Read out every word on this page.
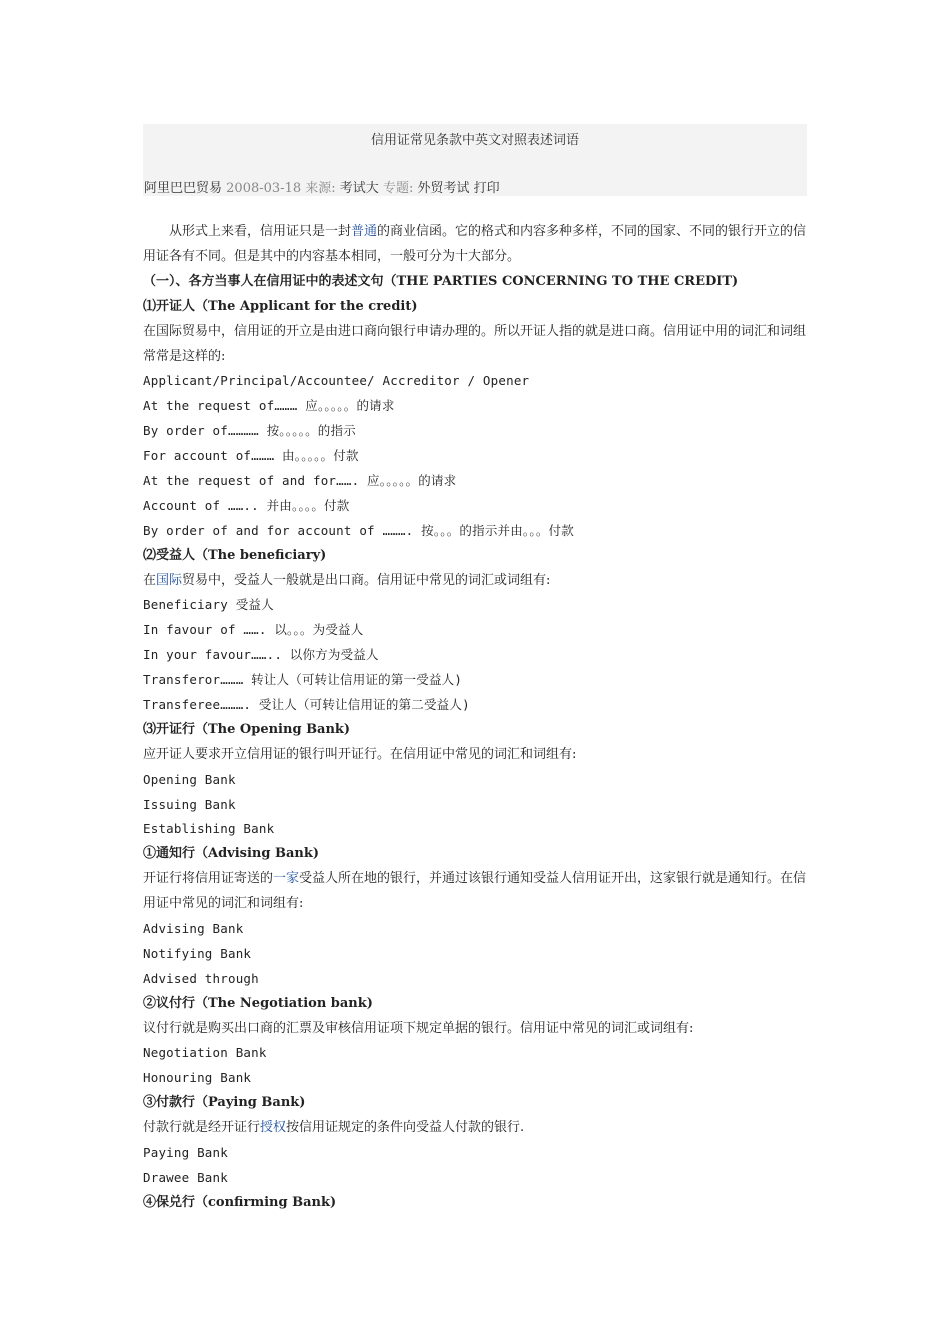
信用证常见条款中英文对照表述词语
阿里巴巴贸易 2008-03-18 来源: 考试大 专题: 外贸考试 打印
从形式上来看，信用证只是一封普通的商业信函。它的格式和内容多种多样，不同的国家、不同的银行开立的信用证各有不同。但是其中的内容基本相同，一般可分为十大部分。
（一）、各方当事人在信用证中的表述文句（THE PARTIES CONCERNING TO THE CREDIT)
⑴开证人（The Applicant for the credit)
在国际贸易中，信用证的开立是由进口商向银行申请办理的。所以开证人指的就是进口商。信用证中用的词汇和词组常常是这样的:
Applicant/Principal/Accountee/ Accreditor / Opener
At the request of……… 应。。。。。的请求
By order of………… 按。。。。。的指示
For account of……… 由。。。。。付款
At the request of and for……. 应。。。。。的请求
Account of …….. 并由。。。。付款
By order of and for account of ………. 按。。。的指示并由。。。付款
⑵受益人（The beneficiary)
在国际贸易中，受益人一般就是出口商。信用证中常见的词汇或词组有:
Beneficiary 受益人
In favour of ……. 以。。。为受益人
In your favour…….. 以你方为受益人
Transferor……… 转让人（可转让信用证的第一受益人)
Transferee………. 受让人（可转让信用证的第二受益人)
⑶开证行（The Opening Bank)
应开证人要求开立信用证的银行叫开证行。在信用证中常见的词汇和词组有:
Opening Bank
Issuing Bank
Establishing Bank
①通知行（Advising Bank)
开证行将信用证寄送的一家受益人所在地的银行，并通过该银行通知受益人信用证开出，这家银行就是通知行。在信用证中常见的词汇和词组有:
Advising Bank
Notifying Bank
Advised through
②议付行（The Negotiation bank)
议付行就是购买出口商的汇票及审核信用证项下规定单据的银行。信用证中常见的词汇或词组有:
Negotiation Bank
Honouring Bank
③付款行（Paying Bank)
付款行就是经开证行授权按信用证规定的条件向受益人付款的银行.
Paying Bank
Drawee Bank
④保兑行（confirming Bank)
